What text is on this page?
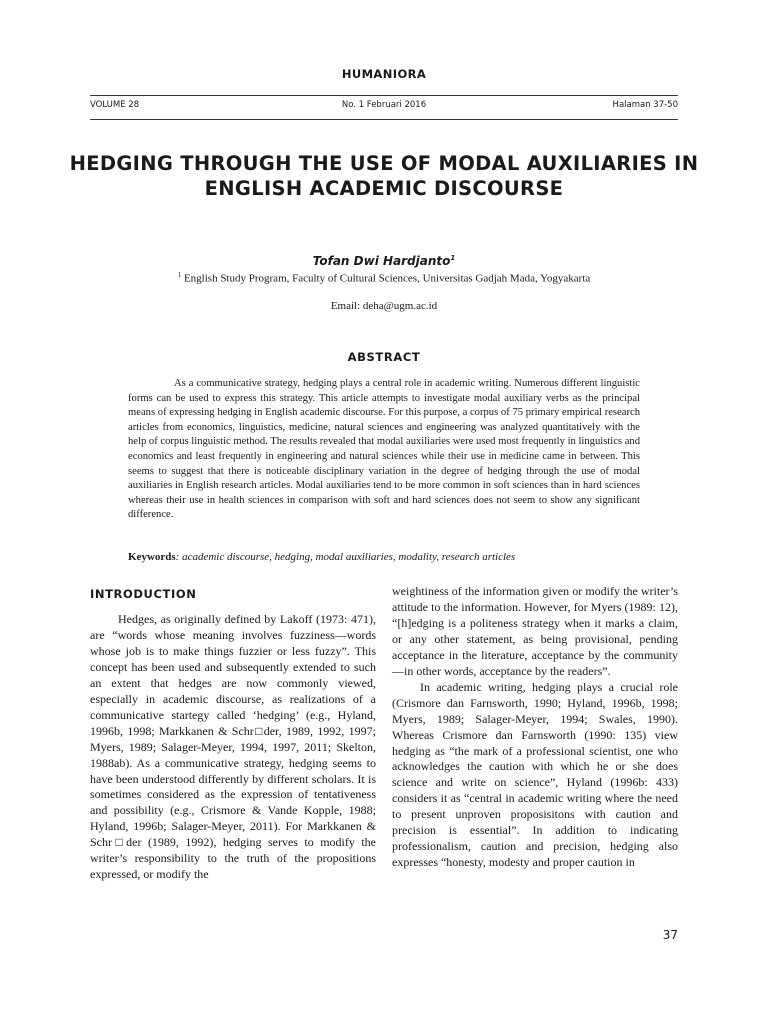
HUMANIORA
VOLUME 28	No. 1 Februari 2016	Halaman 37-50
HEDGING THROUGH THE USE OF MODAL AUXILIARIES IN ENGLISH ACADEMIC DISCOURSE
Tofan Dwi Hardjanto$^1$
$^1$ English Study Program, Faculty of Cultural Sciences, Universitas Gadjah Mada, Yogyakarta
Email: deha@ugm.ac.id
ABSTRACT

As a communicative strategy, hedging plays a central role in academic writing. Numerous different linguistic forms can be used to express this strategy. This article attempts to investigate modal auxiliary verbs as the principal means of expressing hedging in English academic discourse. For this purpose, a corpus of 75 primary empirical research articles from economics, linguistics, medicine, natural sciences and engineering was analyzed quantitatively with the help of corpus linguistic method. The results revealed that modal auxiliaries were used most frequently in linguistics and economics and least frequently in engineering and natural sciences while their use in medicine came in between. This seems to suggest that there is noticeable disciplinary variation in the degree of hedging through the use of modal auxiliaries in English research articles. Modal auxiliaries tend to be more common in soft sciences than in hard sciences whereas their use in health sciences in comparison with soft and hard sciences does not seem to show any significant difference.

Keywords: academic discourse, hedging, modal auxiliaries, modality, research articles
INTRODUCTION

Hedges, as originally defined by Lakoff (1973: 471), are “words whose meaning involves fuzziness—words whose job is to make things fuzzier or less fuzzy”. This concept has been used and subsequently extended to such an extent that hedges are now commonly viewed, especially in academic discourse, as realizations of a communicative startegy called ‘hedging’ (e.g., Hyland, 1996b, 1998; Markkanen & Schr□der, 1989, 1992, 1997; Myers, 1989; Salager-Meyer, 1994, 1997, 2011; Skelton, 1988ab). As a communicative strategy, hedging seems to have been understood differently by different scholars. It is sometimes considered as the expression of tentativeness and possibility (e.g., Crismore & Vande Kopple, 1988; Hyland, 1996b; Salager-Meyer, 2011). For Markkanen & Schr□der (1989, 1992), hedging serves to modify the writer’s responsibility to the truth of the propositions expressed, or modify the

weightiness of the information given or modify the writer’s attitude to the information. However, for Myers (1989: 12), “[h]edging is a politeness strategy when it marks a claim, or any other statement, as being provisional, pending acceptance in the literature, acceptance by the community—in other words, acceptance by the readers”.

In academic writing, hedging plays a crucial role (Crismore dan Farnsworth, 1990; Hyland, 1996b, 1998; Myers, 1989; Salager-Meyer, 1994; Swales, 1990). Whereas Crismore dan Farnsworth (1990: 135) view hedging as “the mark of a professional scientist, one who acknowledges the caution with which he or she does science and write on science”, Hyland (1996b: 433) considers it as “central in academic writing where the need to present unproven proposisitons with caution and precision is essential”. In addition to indicating professionalism, caution and precision, hedging also expresses “honesty, modesty and proper caution in

37
